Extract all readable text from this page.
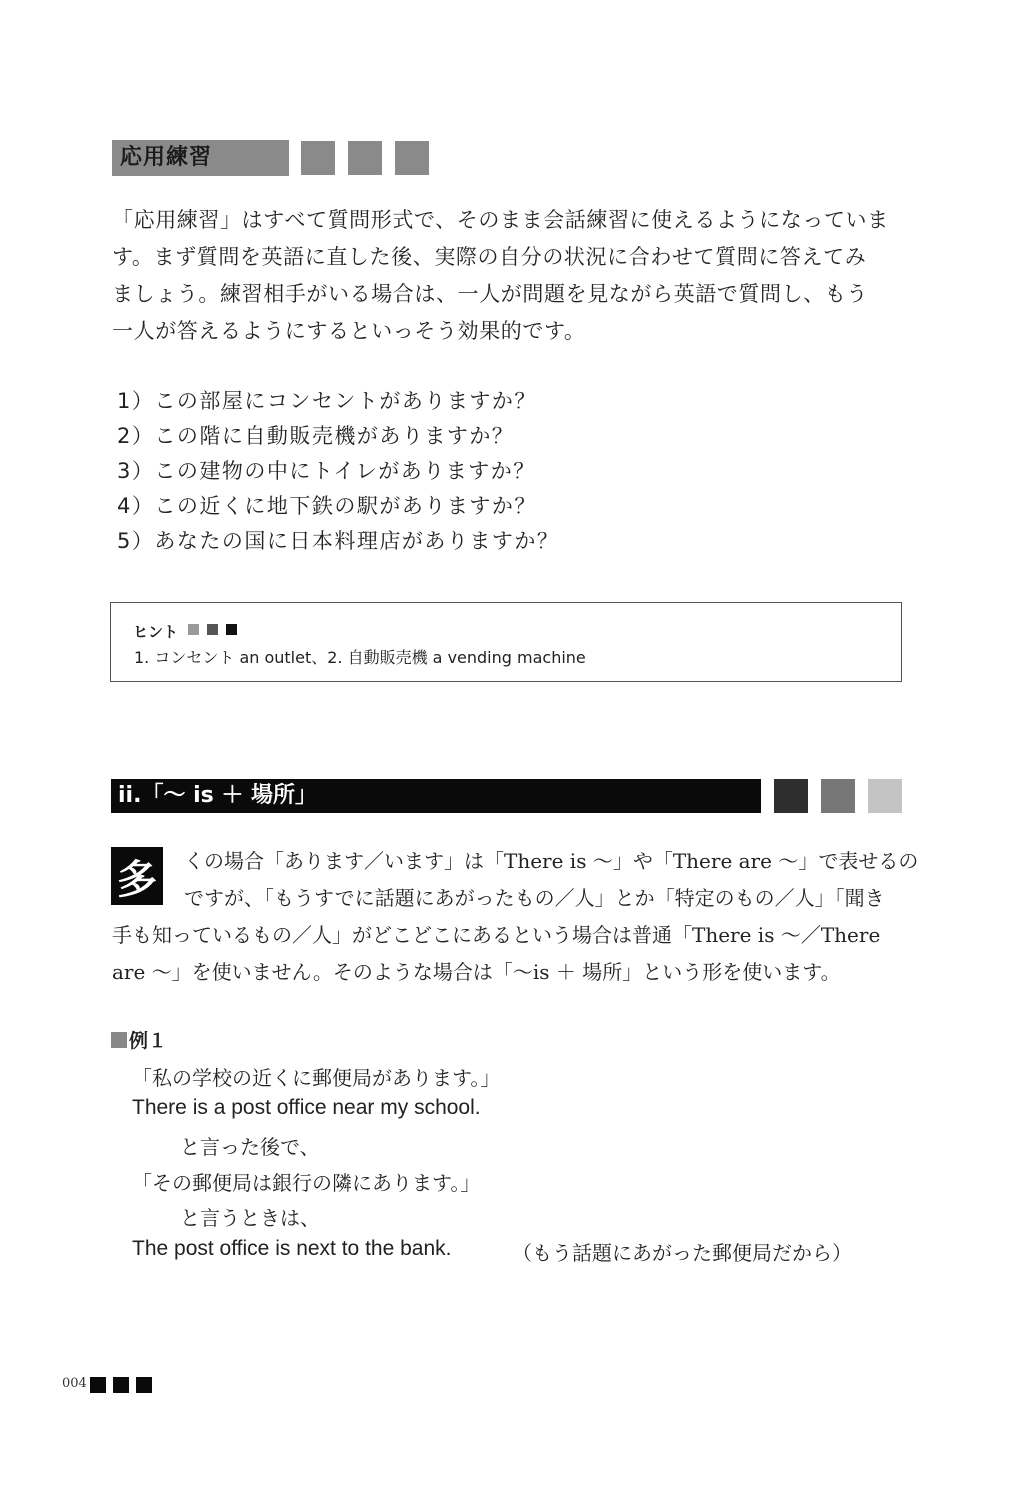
応用練習
「応用練習」はすべて質問形式で、そのまま会話練習に使えるようになっていま
す。まず質問を英語に直した後、実際の自分の状況に合わせて質問に答えてみ
ましょう。練習相手がいる場合は、一人が問題を見ながら英語で質問し、もう
一人が答えるようにするといっそう効果的です。
1）この部屋にコンセントがありますか？
2）この階に自動販売機がありますか？
3）この建物の中にトイレがありますか？
4）この近くに地下鉄の駅がありますか？
5）あなたの国に日本料理店がありますか？
ヒント
1. コンセント an outlet、2. 自動販売機 a vending machine
ii.「～ is ＋ 場所」
多	くの場合「あります／います」は「There is ～」や「There are ～」で表せるの
ですが、「もうすでに話題にあがったもの／人」とか「特定のもの／人」「聞き
手も知っているもの／人」がどこどこにあるという場合は普通「There is ～／There
are ～」を使いません。そのような場合は「～is ＋ 場所」という形を使います。
例１
「私の学校の近くに郵便局があります。」
There is a post office near my school.
と言った後で、
「その郵便局は銀行の隣にあります。」
と言うときは、
The post office is next to the bank.	（もう話題にあがった郵便局だから）
004
